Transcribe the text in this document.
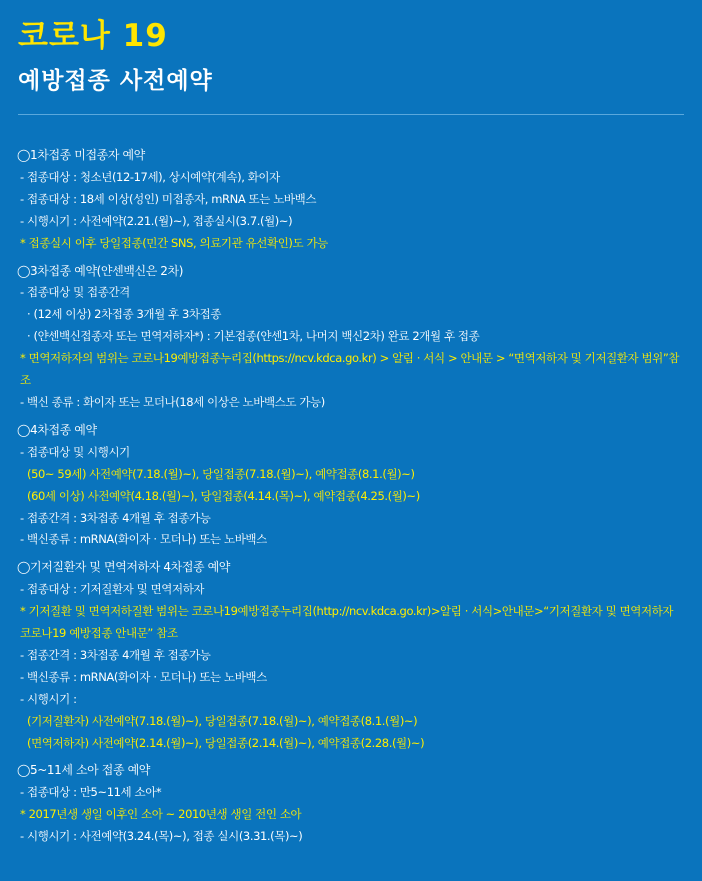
코로나 19
예방접종 사전예약
◯1차접종 미접종자 예약
- 접종대상 : 청소년(12-17세), 상시예약(계속), 화이자
- 접종대상 : 18세 이상(성인) 미접종자, mRNA 또는 노바백스
- 시행시기 : 사전예약(2.21.(월)~), 접종실시(3.7.(월)~)
* 접종실시 이후 당일접종(민간 SNS, 의료기관 유선확인)도 가능
◯3차접종 예약(얀센백신은 2차)
- 접종대상 및 접종간격
· (12세 이상) 2차접종 3개월 후 3차접종
· (얀센백신접종자 또는 면역저하자*) : 기본접종(얀센1차, 나머지 백신2차) 완료 2개월 후 접종
* 면역저하자의 범위는 코로나19예방접종누리집(https://ncv.kdca.go.kr) > 알림 · 서식 > 안내문 > “면역저하자 및 기저질환자 범위”참조
- 백신 종류 : 화이자 또는 모더나(18세 이상은 노바백스도 가능)
◯4차접종 예약
- 접종대상 및 시행시기
(50~ 59세) 사전예약(7.18.(월)~), 당일접종(7.18.(월)~), 예약접종(8.1.(월)~)
(60세 이상) 사전예약(4.18.(월)~), 당일접종(4.14.(목)~), 예약접종(4.25.(월)~)
- 접종간격 : 3차접종 4개월 후 접종가능
- 백신종류 : mRNA(화이자 · 모더나) 또는 노바백스
◯기저질환자 및 면역저하자 4차접종 예약
- 접종대상 : 기저질환자 및 면역저하자
* 기저질환 및 면역저하질환 범위는 코로나19예방접종누리집(http://ncv.kdca.go.kr)>알림 · 서식>안내문>“기저질환자 및 면역저하자 코로나19 예방접종 안내문” 참조
- 접종간격 : 3차접종 4개월 후 접종가능
- 백신종류 : mRNA(화이자 · 모더나) 또는 노바백스
- 시행시기 :
(기저질환자) 사전예약(7.18.(월)~), 당일접종(7.18.(월)~), 예약접종(8.1.(월)~)
(면역저하자) 사전예약(2.14.(월)~), 당일접종(2.14.(월)~), 예약접종(2.28.(월)~)
◯5~11세 소아 접종 예약
- 접종대상 : 만5~11세 소아*
* 2017년생 생일 이후인 소아 ~ 2010년생 생일 전인 소아
- 시행시기 : 사전예약(3.24.(목)~), 접종 실시(3.31.(목)~)
